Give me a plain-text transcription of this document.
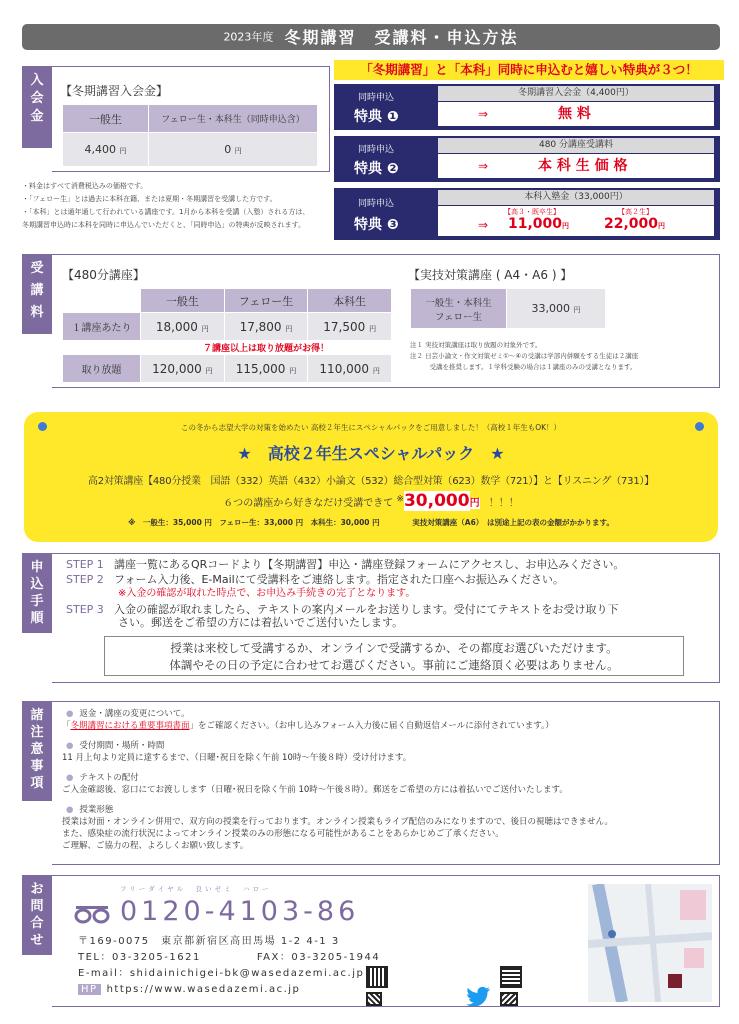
2023年度 冬期講習　受講料・申込方法
入
会
金
【冬期講習入会金】
一般生	フェロー生・本科生（同時申込含）
4,400 円	0 円
・料金はすべて消費税込みの価格です。
・「フェロー生」とは過去に本科在籍、または夏期・冬期講習を受講した方です。
・「本科」とは通年通して行われている講座です。1月から本科を受講（入塾）される方は、
冬期講習申込時に本科を同時に申込んでいただくと、「同時申込」の特典が反映されます。
「冬期講習」と「本科」同時に申込むと嬉しい特典が３つ！
同時申込
特典 ❶
冬期講習入会金（4,400円）
⇒	無 料
同時申込
特典 ❷
480 分講座受講料
⇒	本 科 生 価 格
同時申込
特典 ❸
本科入塾金（33,000円）
【高３・既卒生】	【高２生】
⇒ 11,000円 22,000円
受
講
料
【480分講座】
	一般生	フェロー生	本科生
１講座あたり	18,000 円	17,800 円	17,500 円
	７講座以上は取り放題がお得！		
取り放題	120,000 円	115,000 円	110,000 円
【実技対策講座 ( A4・A6 ) 】
一般生・本科生
フェロー生	33,000 円
注１ 実技対策講座は取り放題の対象外です。
注２ 日芸小論文・作文対策ゼミ①～④の受講は学部内併願をする生徒は２講座
　　　受講を推奨します。１学科受験の場合は１講座のみの受講となります。
この冬から志望大学の対策を始めたい 高校２年生にスペシャルパックをご用意しました！（高校１年生もOK！）
★　高校２年生スペシャルパック　★
高2対策講座【480分授業　国語（332）英語（432）小論文（532）総合型対策（623）数学（721）】と【リスニング（731）】
６つの講座から好きなだけ受講できて ※30,000円 ！！！
※　一般生：35,000 円　フェロー生：33,000 円　本科生：30,000 円	実技対策講座（A6）　は別途上記の表の金額がかかります。
申
込
手
順
STEP 1 講座一覧にあるQRコードより【冬期講習】申込・講座登録フォームにアクセスし、お申込みください。
STEP 2 フォーム入力後、E-Mailにて受講料をご連絡します。指定された口座へお振込みください。
※入金の確認が取れた時点で、お申込み手続きの完了となります。
STEP 3 入金の確認が取れましたら、テキストの案内メールをお送りします。受付にてテキストをお受け取り下
さい。郵送をご希望の方には着払いでご送付いたします。
授業は来校して受講するか、オンラインで受講するか、その都度お選びいただけます。
体調やその日の予定に合わせてお選びください。事前にご連絡頂く必要はありません。
諸
注
意
事
項
● 返金・講座の変更について。
「冬期講習における重要事項書面」をご確認ください。（お申し込みフォーム入力後に届く自動返信メールに添付されています。）
● 受付期間・場所・時間
11 月上旬より定員に達するまで、（日曜･祝日を除く午前 10時～午後８時）受け付けます。
● テキストの配付
ご入金確認後、窓口にてお渡しします（日曜･祝日を除く午前 10時～午後８時）。郵送をご希望の方には着払いでご送付いたします。
● 授業形態
授業は対面・オンライン併用で、双方向の授業を行っております。オンライン授業もライブ配信のみになりますので、後日の視聴はできません。
また、感染症の流行状況によってオンライン授業のみの形態になる可能性があることをあらかじめご了承ください。
ご理解、ご協力の程、よろしくお願い致します。
お
問
合
せ
フリーダイヤル　良いゼミ　ハロー
0120-4103-86
〒169-0075　東京都新宿区高田馬場 1-2 4-1 3
TEL：03-3205-1621	FAX：03-3205-1944
E-mail：shidainichigei-bk@wasedazemi.ac.jp
HP https://www.wasedazemi.ac.jp
